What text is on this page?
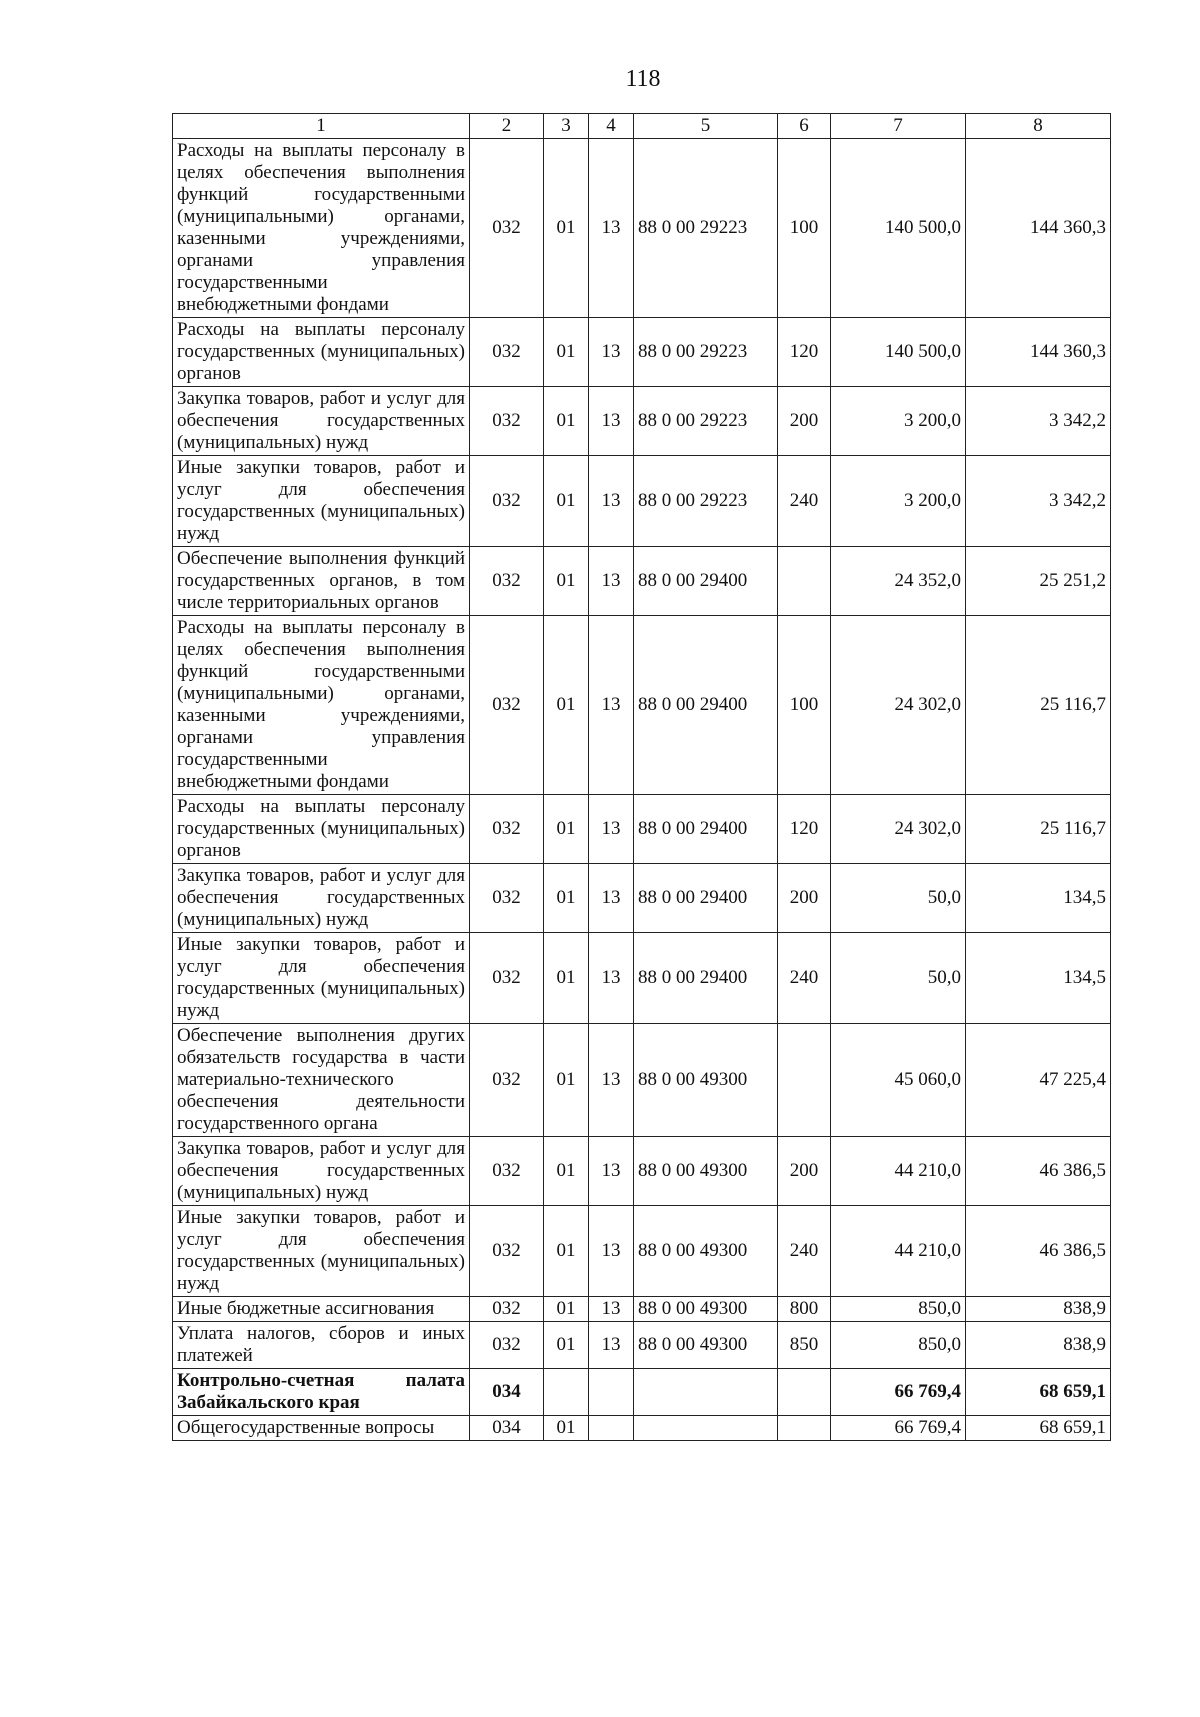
118
1	2	3	4	5	6	7	8
Расходы на выплаты персоналу в целях обеспечения выполнения функций государственными (муниципальными) органами, казенными учреждениями, органами управления государственными внебюджетными фондами	032	01	13	88 0 00 29223	100	140 500,0	144 360,3
Расходы на выплаты персоналу государственных (муниципальных) органов	032	01	13	88 0 00 29223	120	140 500,0	144 360,3
Закупка товаров, работ и услуг для обеспечения государственных (муниципальных) нужд	032	01	13	88 0 00 29223	200	3 200,0	3 342,2
Иные закупки товаров, работ и услуг для обеспечения государственных (муниципальных) нужд	032	01	13	88 0 00 29223	240	3 200,0	3 342,2
Обеспечение выполнения функций государственных органов, в том числе территориальных органов	032	01	13	88 0 00 29400		24 352,0	25 251,2
Расходы на выплаты персоналу в целях обеспечения выполнения функций государственными (муниципальными) органами, казенными учреждениями, органами управления государственными внебюджетными фондами	032	01	13	88 0 00 29400	100	24 302,0	25 116,7
Расходы на выплаты персоналу государственных (муниципальных) органов	032	01	13	88 0 00 29400	120	24 302,0	25 116,7
Закупка товаров, работ и услуг для обеспечения государственных (муниципальных) нужд	032	01	13	88 0 00 29400	200	50,0	134,5
Иные закупки товаров, работ и услуг для обеспечения государственных (муниципальных) нужд	032	01	13	88 0 00 29400	240	50,0	134,5
Обеспечение выполнения других обязательств государства в части материально-технического обеспечения деятельности государственного органа	032	01	13	88 0 00 49300		45 060,0	47 225,4
Закупка товаров, работ и услуг для обеспечения государственных (муниципальных) нужд	032	01	13	88 0 00 49300	200	44 210,0	46 386,5
Иные закупки товаров, работ и услуг для обеспечения государственных (муниципальных) нужд	032	01	13	88 0 00 49300	240	44 210,0	46 386,5
Иные бюджетные ассигнования	032	01	13	88 0 00 49300	800	850,0	838,9
Уплата налогов, сборов и иных платежей	032	01	13	88 0 00 49300	850	850,0	838,9
Контрольно-счетная палата Забайкальского края	034					66 769,4	68 659,1
Общегосударственные вопросы	034	01				66 769,4	68 659,1
